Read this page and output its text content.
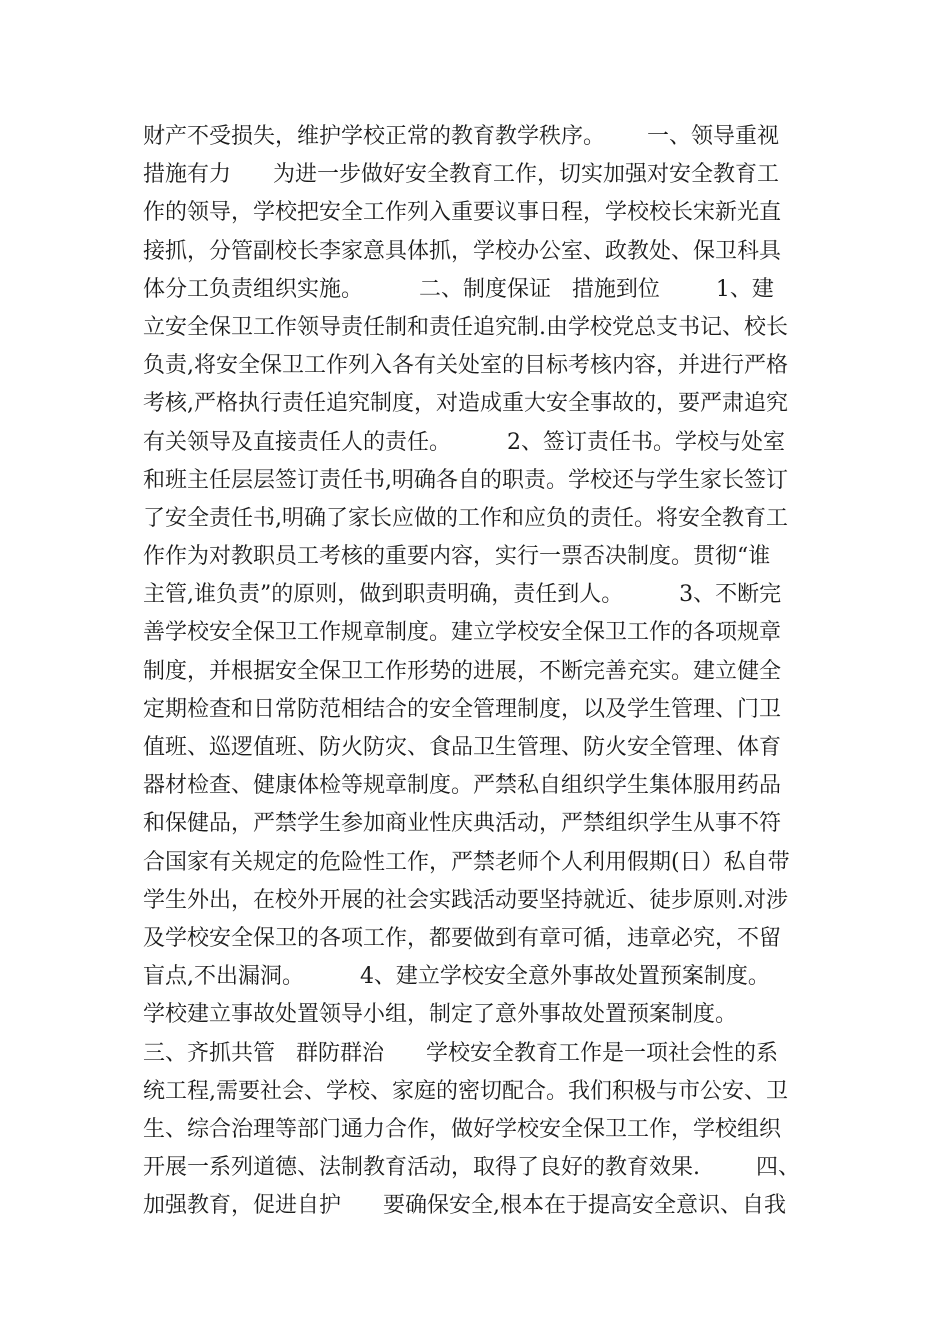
财产不受损失，维护学校正常的教育教学秩序。      一、领导重视
措施有力      为进一步做好安全教育工作，切实加强对安全教育工
作的领导，学校把安全工作列入重要议事日程，学校校长宋新光直
接抓，分管副校长李家意具体抓，学校办公室、政教处、保卫科具
体分工负责组织实施。        二、制度保证   措施到位        1、建
立安全保卫工作领导责任制和责任追究制.由学校党总支书记、校长
负责,将安全保卫工作列入各有关处室的目标考核内容，并进行严格
考核,严格执行责任追究制度，对造成重大安全事故的，要严肃追究
有关领导及直接责任人的责任。        2、签订责任书。学校与处室
和班主任层层签订责任书,明确各自的职责。学校还与学生家长签订
了安全责任书,明确了家长应做的工作和应负的责任。将安全教育工
作作为对教职员工考核的重要内容，实行一票否决制度。贯彻“谁
主管,谁负责”的原则，做到职责明确，责任到人。        3、不断完
善学校安全保卫工作规章制度。建立学校安全保卫工作的各项规章
制度，并根据安全保卫工作形势的进展，不断完善充实。建立健全
定期检查和日常防范相结合的安全管理制度，以及学生管理、门卫
值班、巡逻值班、防火防灾、食品卫生管理、防火安全管理、体育
器材检查、健康体检等规章制度。严禁私自组织学生集体服用药品
和保健品，严禁学生参加商业性庆典活动，严禁组织学生从事不符
合国家有关规定的危险性工作，严禁老师个人利用假期(日）私自带
学生外出，在校外开展的社会实践活动要坚持就近、徒步原则.对涉
及学校安全保卫的各项工作，都要做到有章可循，违章必究，不留
盲点,不出漏洞。        4、建立学校安全意外事故处置预案制度。
学校建立事故处置领导小组，制定了意外事故处置预案制度。
三、齐抓共管   群防群治      学校安全教育工作是一项社会性的系
统工程,需要社会、学校、家庭的密切配合。我们积极与市公安、卫
生、综合治理等部门通力合作，做好学校安全保卫工作，学校组织
开展一系列道德、法制教育活动，取得了良好的教育效果.        四、
加强教育，促进自护      要确保安全,根本在于提高安全意识、自我
